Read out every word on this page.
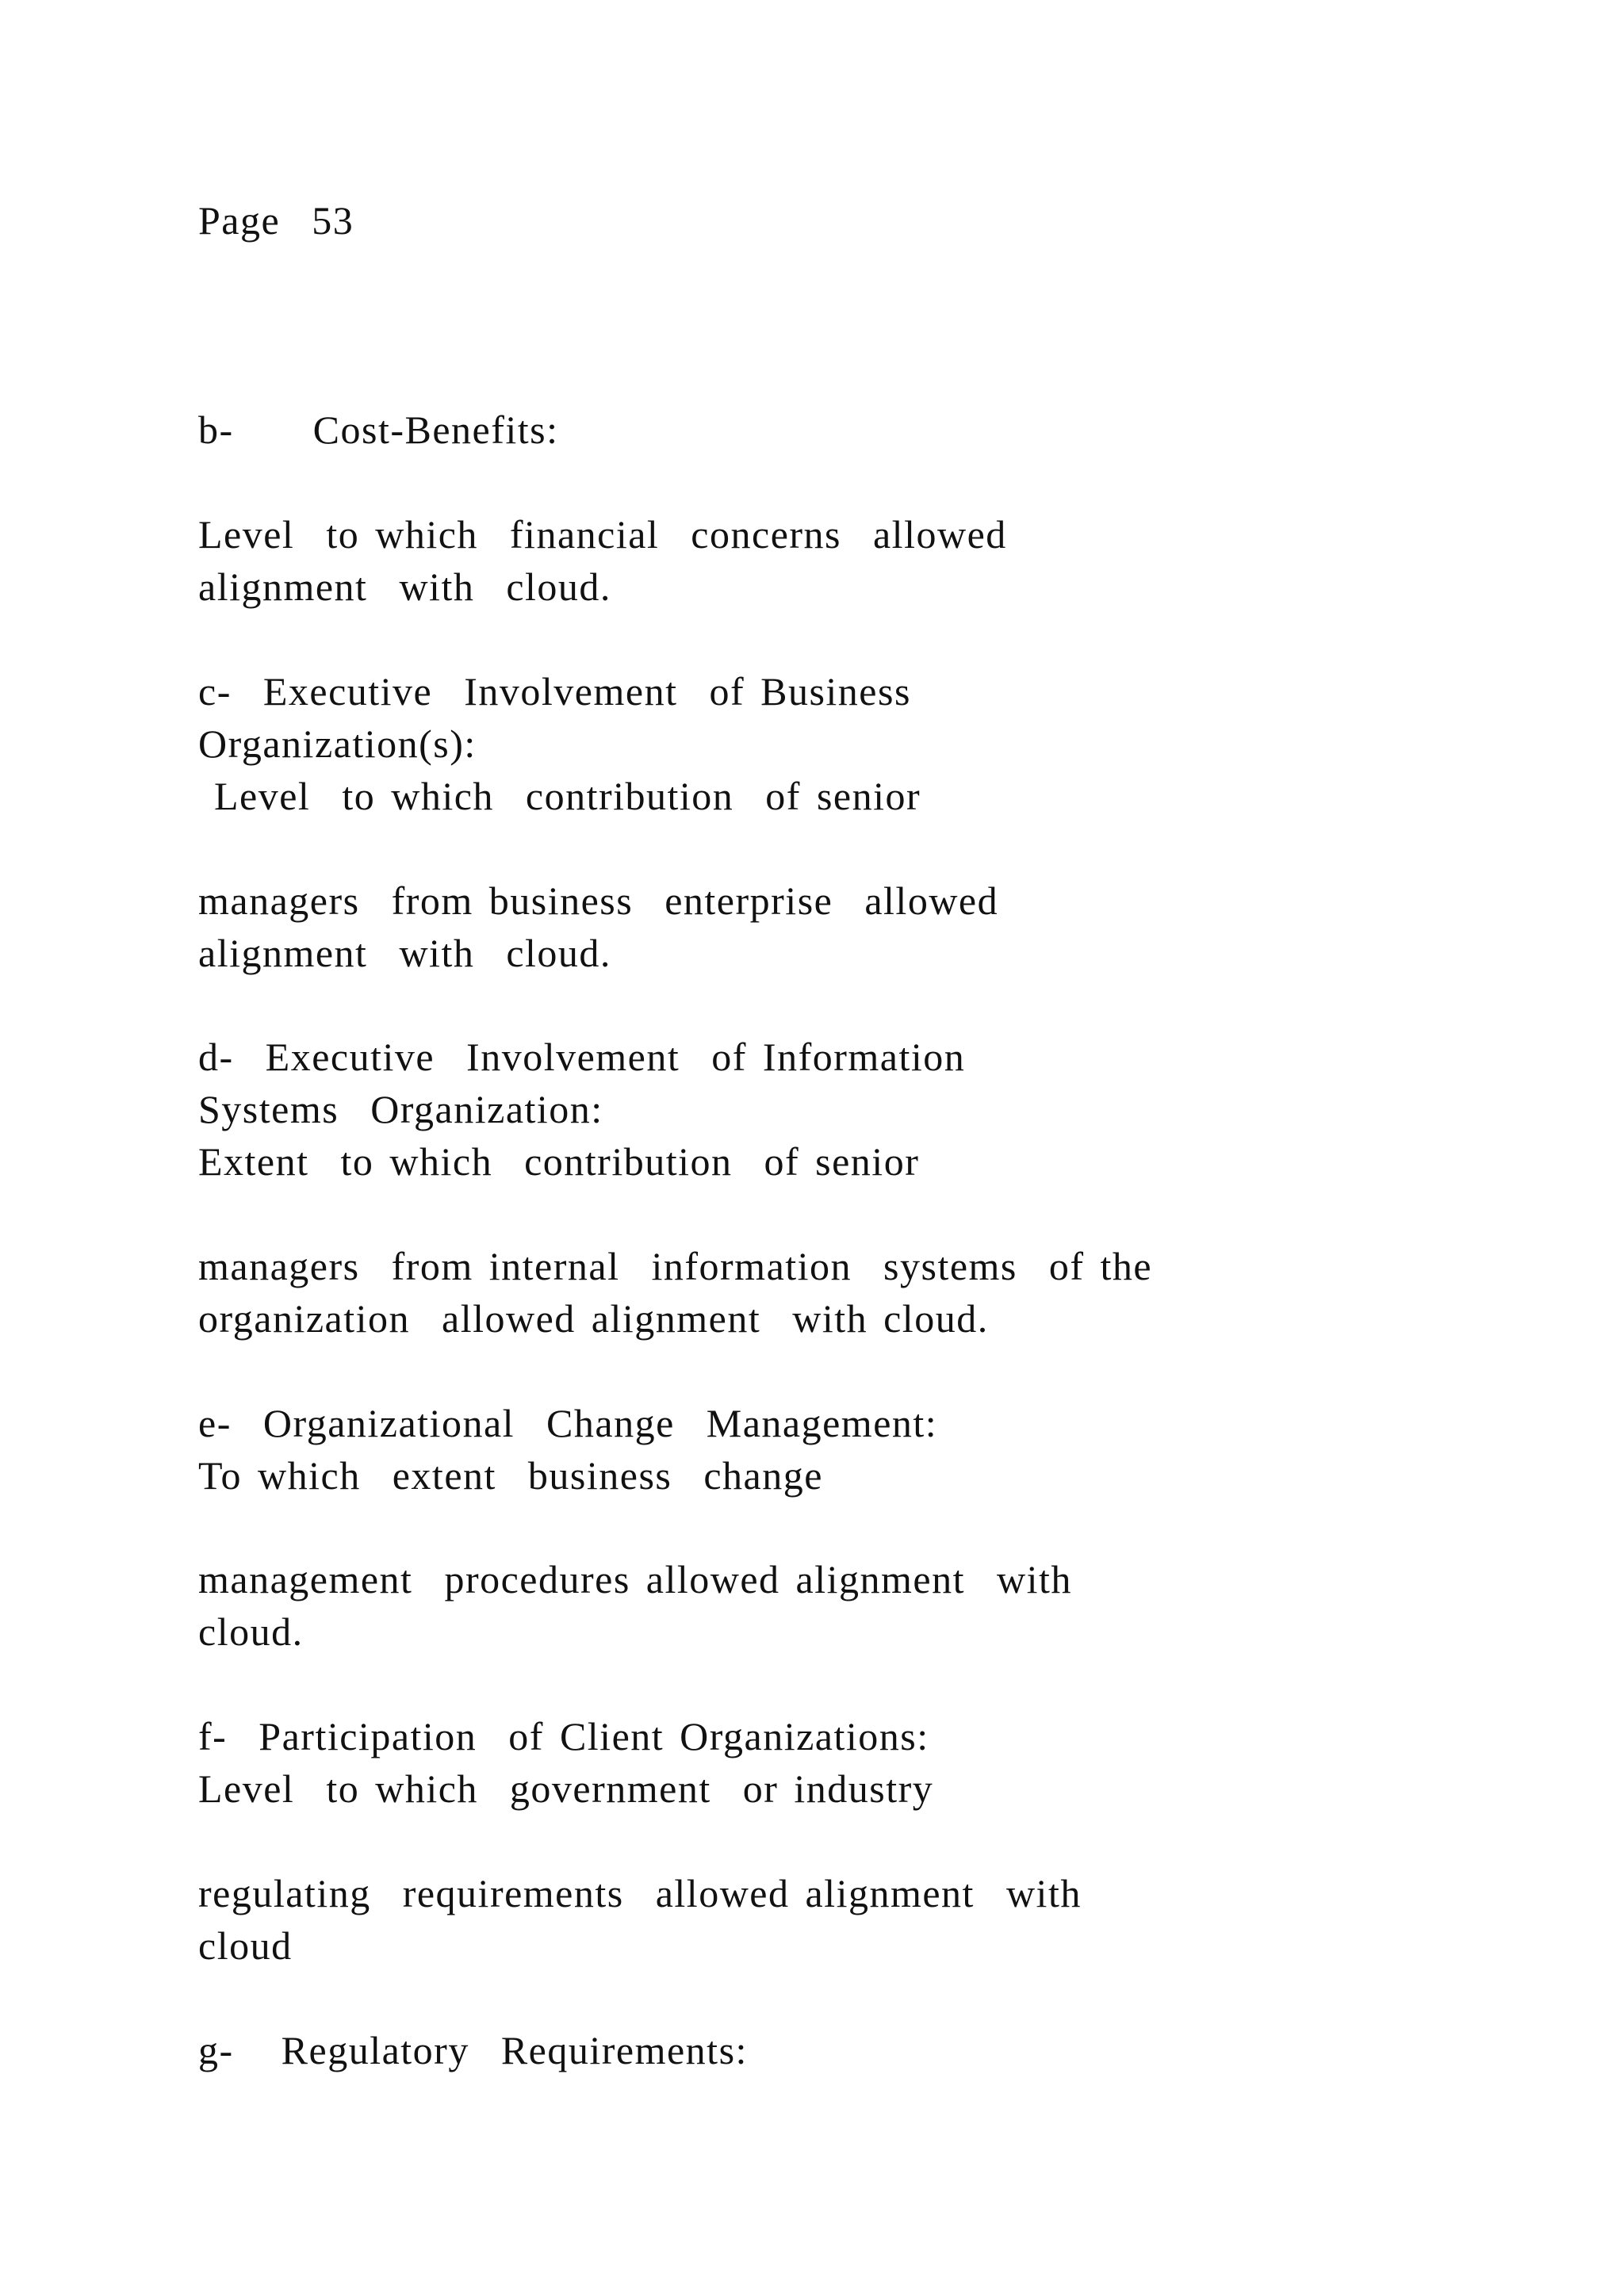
Page  53
b-     Cost-Benefits:
Level  to which  financial  concerns  allowed
alignment  with  cloud.
c-  Executive  Involvement  of Business
Organization(s):
Level  to which  contribution  of senior
managers  from business  enterprise  allowed
alignment  with  cloud.
d-  Executive  Involvement  of Information
Systems  Organization:
Extent  to which  contribution  of senior
managers  from internal  information  systems  of the
organization  allowed alignment  with cloud.
e-  Organizational  Change  Management:
To which  extent  business  change
management  procedures allowed alignment  with
cloud.
f-  Participation  of Client Organizations:
Level  to which  government  or industry
regulating  requirements  allowed alignment  with
cloud
g-   Regulatory  Requirements:
